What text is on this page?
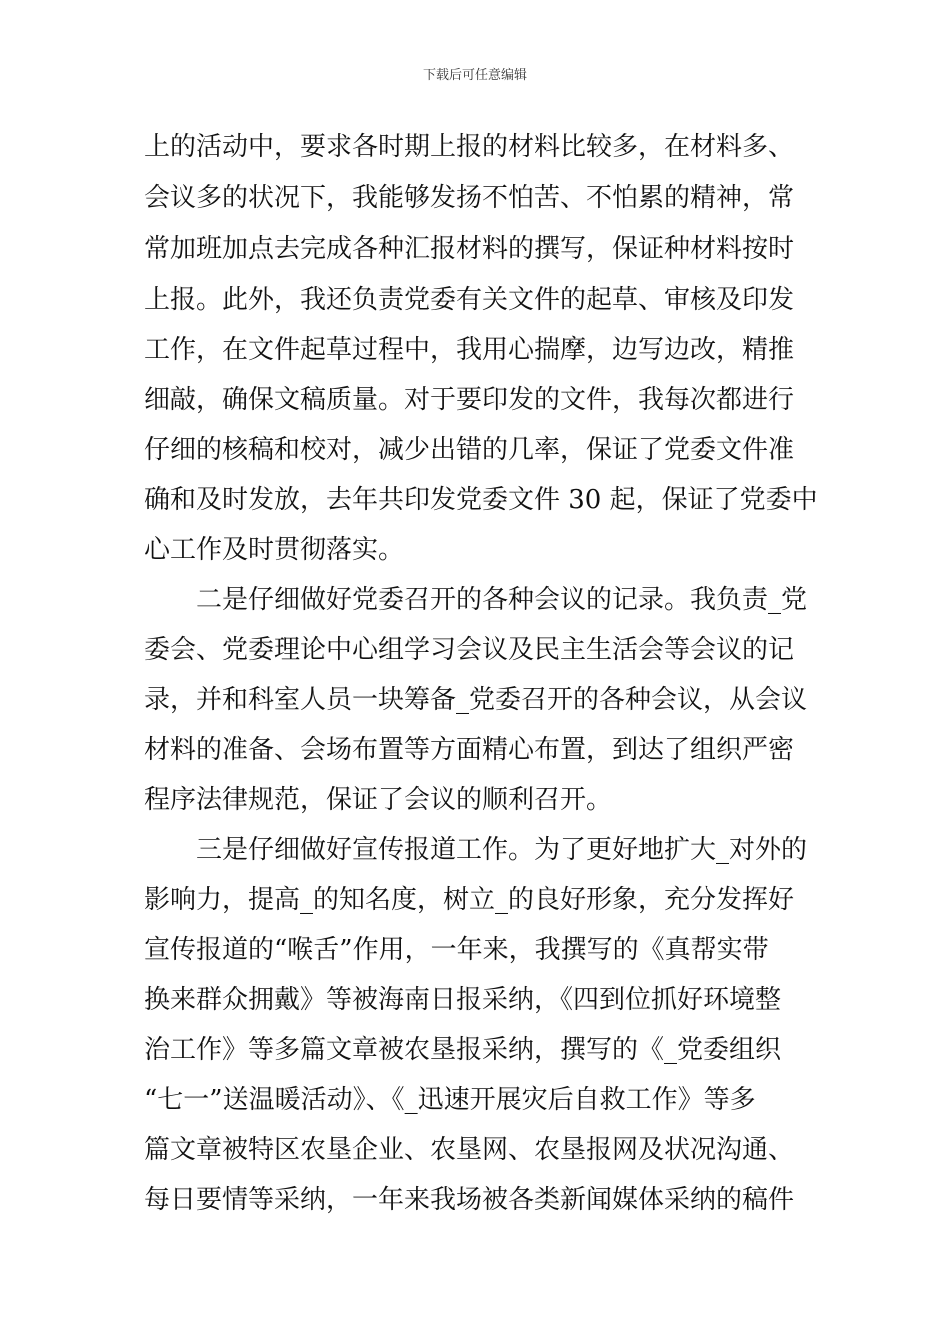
下载后可任意编辑
上的活动中，要求各时期上报的材料比较多，在材料多、
会议多的状况下，我能够发扬不怕苦、不怕累的精神，常
常加班加点去完成各种汇报材料的撰写，保证种材料按时
上报。此外，我还负责党委有关文件的起草、审核及印发
工作，在文件起草过程中，我用心揣摩，边写边改，精推
细敲，确保文稿质量。对于要印发的文件，我每次都进行
仔细的核稿和校对，减少出错的几率，保证了党委文件准
确和及时发放，去年共印发党委文件 30 起，保证了党委中
心工作及时贯彻落实。
二是仔细做好党委召开的各种会议的记录。我负责_党
委会、党委理论中心组学习会议及民主生活会等会议的记
录，并和科室人员一块筹备_党委召开的各种会议，从会议
材料的准备、会场布置等方面精心布置，到达了组织严密
程序法律规范，保证了会议的顺利召开。
三是仔细做好宣传报道工作。为了更好地扩大_对外的
影响力，提高_的知名度，树立_的良好形象，充分发挥好
宣传报道的“喉舌”作用，一年来，我撰写的《真帮实带
换来群众拥戴》等被海南日报采纳，《四到位抓好环境整
治工作》等多篇文章被农垦报采纳，撰写的《_党委组织
“七一”送温暖活动》、《_迅速开展灾后自救工作》等多
篇文章被特区农垦企业、农垦网、农垦报网及状况沟通、
每日要情等采纳，一年来我场被各类新闻媒体采纳的稿件
